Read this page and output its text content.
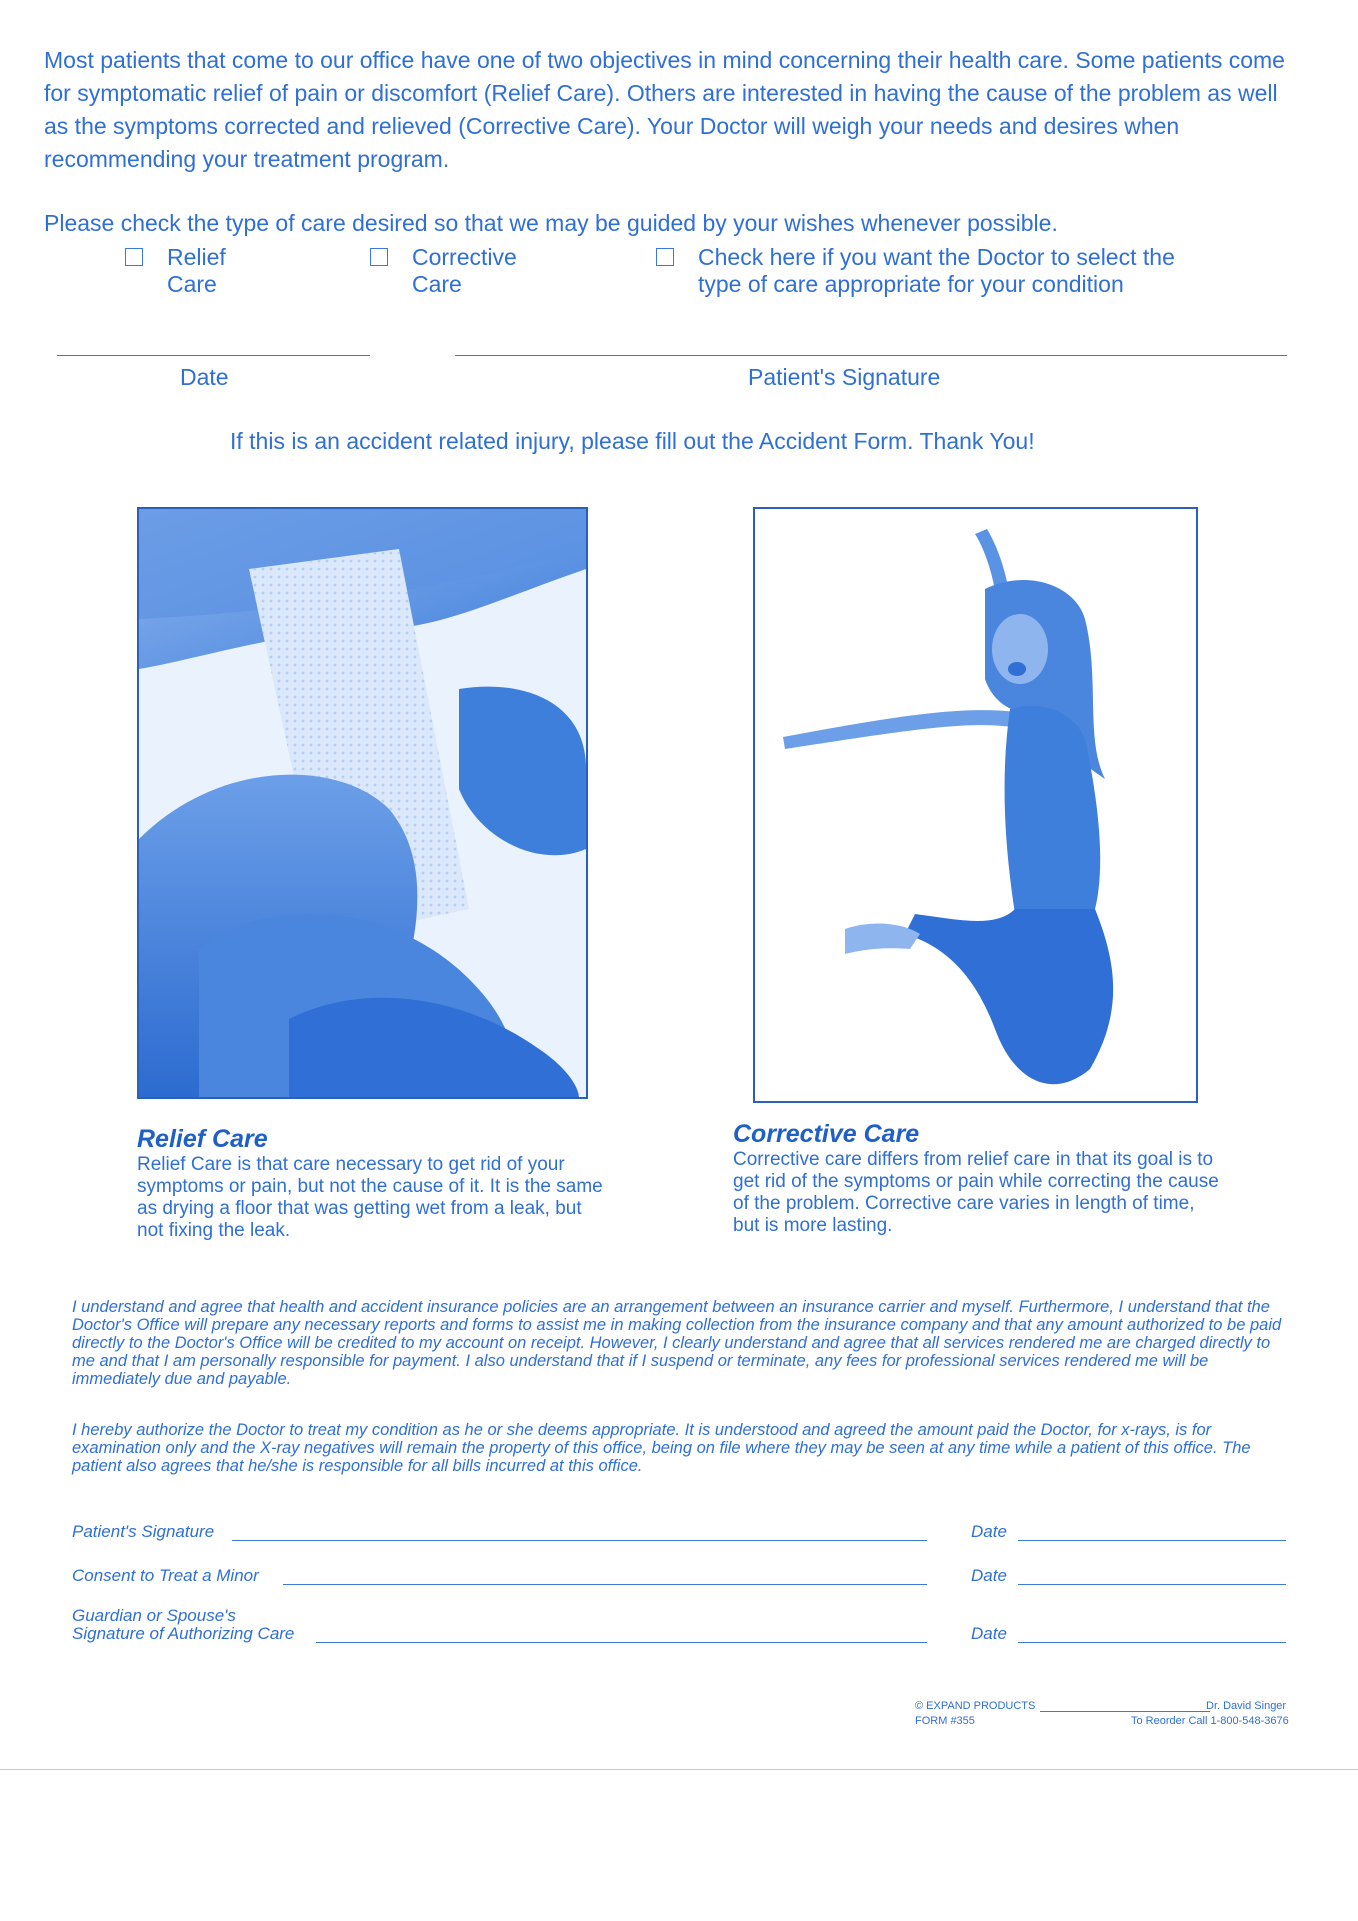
Most patients that come to our office have one of two objectives in mind concerning their health care. Some patients come for symptomatic relief of pain or discomfort (Relief Care). Others are interested in having the cause of the problem as well as the symptoms corrected and relieved (Corrective Care). Your Doctor will weigh your needs and desires when recommending your treatment program.
Please check the type of care desired so that we may be guided by your wishes whenever possible.
Relief
Care
Corrective
Care
Check here if you want the Doctor to select the
type of care appropriate for your condition
Date	Patient's Signature
If this is an accident related injury, please fill out the Accident Form. Thank You!
Relief Care
Relief Care is that care necessary to get rid of your symptoms or pain, but not the cause of it. It is the same as drying a floor that was getting wet from a leak, but not fixing the leak.
Corrective Care
Corrective care differs from relief care in that its goal is to get rid of the symptoms or pain while correcting the cause of the problem. Corrective care varies in length of time, but is more lasting.
I understand and agree that health and accident insurance policies are an arrangement between an insurance carrier and myself. Furthermore, I understand that the Doctor's Office will prepare any necessary reports and forms to assist me in making collection from the insurance company and that any amount authorized to be paid directly to the Doctor's Office will be credited to my account on receipt. However, I clearly understand and agree that all services rendered me are charged directly to me and that I am personally responsible for payment. I also understand that if I suspend or terminate, any fees for professional services rendered me will be immediately due and payable.
I hereby authorize the Doctor to treat my condition as he or she deems appropriate. It is understood and agreed the amount paid the Doctor, for x-rays, is for examination only and the X-ray negatives will remain the property of this office, being on file where they may be seen at any time while a patient of this office. The patient also agrees that he/she is responsible for all bills incurred at this office.
Patient's Signature	Date
Consent to Treat a Minor	Date
Guardian or Spouse's
Signature of Authorizing Care	Date
© EXPAND PRODUCTS
FORM #355
Dr. David Singer
To Reorder Call 1-800-548-3676
